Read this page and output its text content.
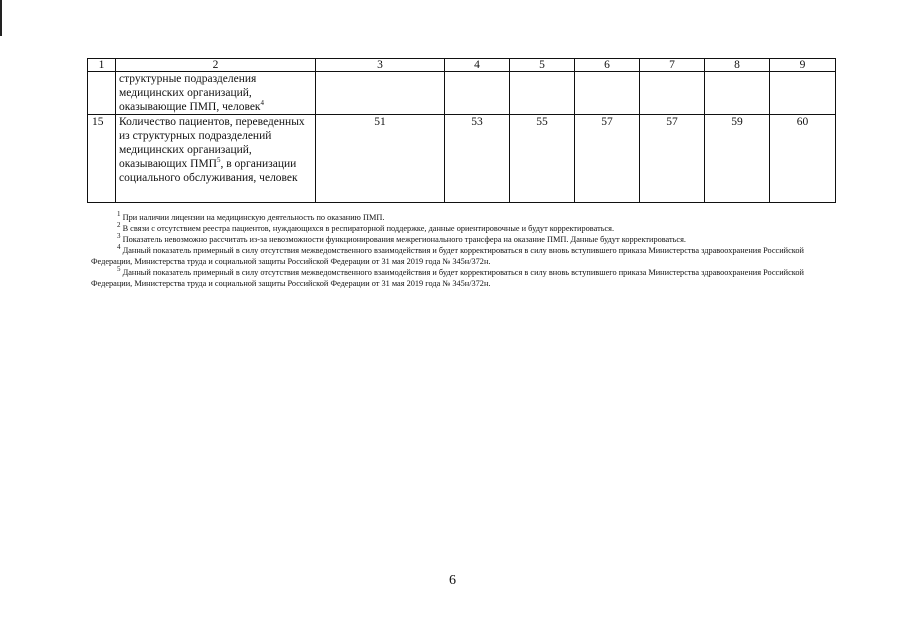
1	2	3	4	5	6	7	8	9
	структурные подразделения медицинских организаций, оказывающие ПМП, человек$^4$							
15	Количество пациентов, переведенных из структурных подразделений медицинских организаций, оказывающих ПМП$^5$, в организации социального обслуживания, человек	51	53	55	57	57	59	60

$^1$ При наличии лицензии на медицинскую деятельность по оказанию ПМП.

$^2$ В связи с отсутствием реестра пациентов, нуждающихся в респираторной поддержке, данные ориентировочные и будут корректироваться.

$^3$ Показатель невозможно рассчитать из-за невозможности функционирования межрегионального трансфера на оказание ПМП. Данные будут корректироваться.

$^4$ Данный показатель примерный в силу отсутствия межведомственного взаимодействия и будет корректироваться в силу вновь вступившего приказа Министерства здравоохранения Российской Федерации, Министерства труда и социальной защиты Российской Федерации от 31 мая 2019 года № 345н/372н.

$^5$ Данный показатель примерный в силу отсутствия межведомственного взаимодействия и будет корректироваться в силу вновь вступившего приказа Министерства здравоохранения Российской Федерации, Министерства труда и социальной защиты Российской Федерации от 31 мая 2019 года № 345н/372н.

6
